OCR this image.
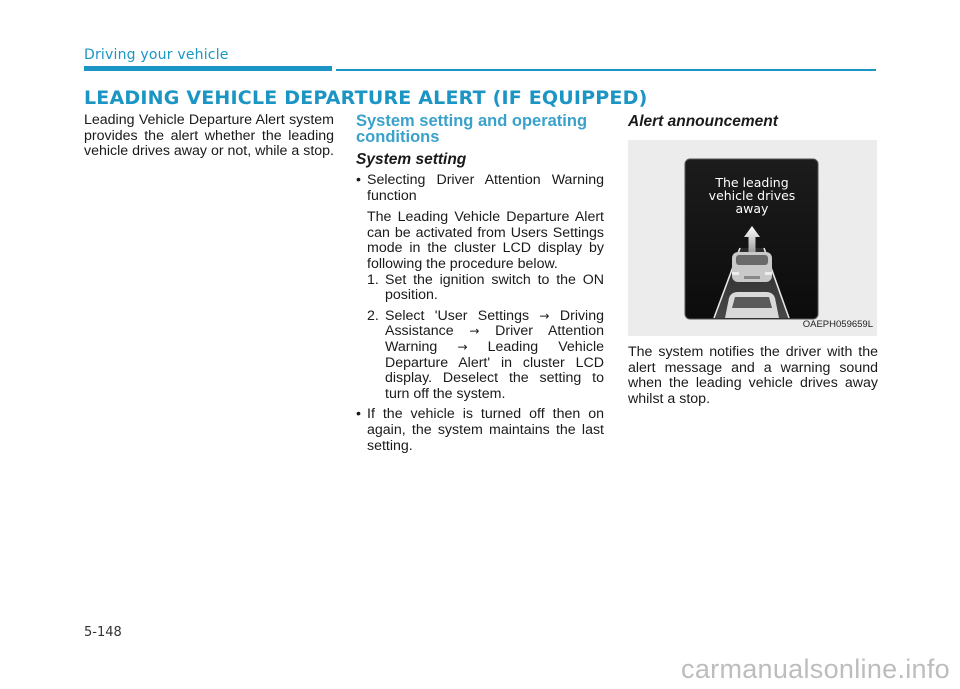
Driving your vehicle
LEADING VEHICLE DEPARTURE ALERT (IF EQUIPPED)

Leading Vehicle Departure Alert system provides the alert whether the leading vehicle drives away or not, while a stop.

System setting and operating conditions
System setting
• Selecting Driver Attention Warning function

The Leading Vehicle Departure Alert can be activated from Users Settings mode in the cluster LCD display by following the procedure below.

1. Set the ignition switch to the ON position.
2. Select 'User Settings → Driving Assistance → Driver Attention Warning → Leading Vehicle Departure Alert' in cluster LCD display. Deselect the setting to turn off the system.
• If the vehicle is turned off then on again, the system maintains the last setting.
Alert announcement
The leading
vehicle drives
away
OAEPH059659L

The system notifies the driver with the alert message and a warning sound when the leading vehicle drives away whilst a stop.

5-148
carmanualsonline.info
